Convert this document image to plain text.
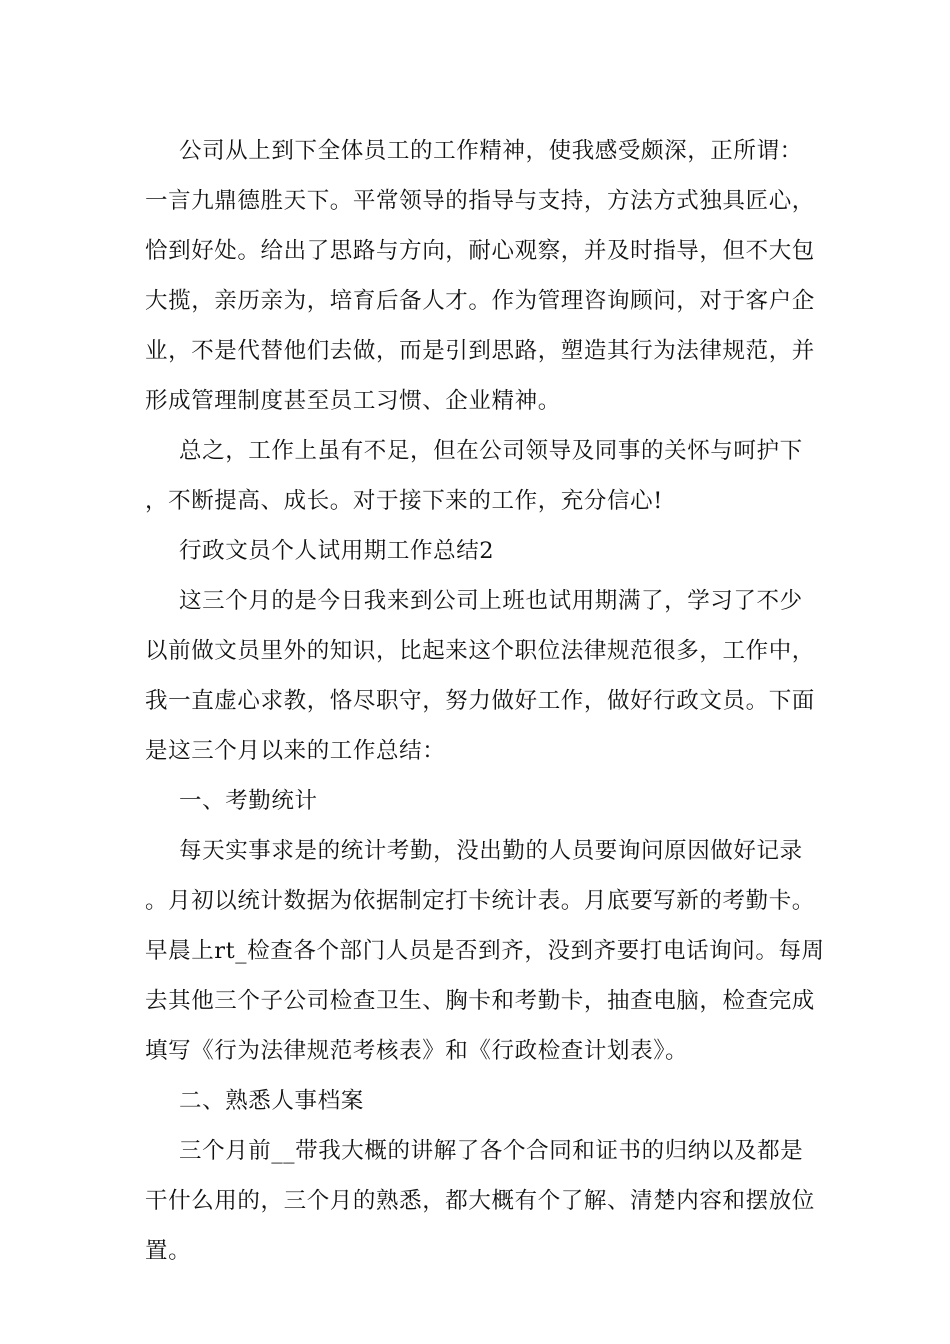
公司从上到下全体员工的工作精神，使我感受颇深，正所谓：一言九鼎德胜天下。平常领导的指导与支持，方法方式独具匠心，恰到好处。给出了思路与方向，耐心观察，并及时指导，但不大包大揽，亲历亲为，培育后备人才。作为管理咨询顾问，对于客户企业，不是代替他们去做，而是引到思路，塑造其行为法律规范，并形成管理制度甚至员工习惯、企业精神。

总之，工作上虽有不足，但在公司领导及同事的关怀与呵护下，不断提高、成长。对于接下来的工作，充分信心!

行政文员个人试用期工作总结2

这三个月的是今日我来到公司上班也试用期满了，学习了不少以前做文员里外的知识，比起来这个职位法律规范很多，工作中，我一直虚心求教，恪尽职守，努力做好工作，做好行政文员。下面是这三个月以来的工作总结：

一、考勤统计

每天实事求是的统计考勤，没出勤的人员要询问原因做好记录。月初以统计数据为依据制定打卡统计表。月底要写新的考勤卡。早晨上rt_检查各个部门人员是否到齐，没到齐要打电话询问。每周去其他三个子公司检查卫生、胸卡和考勤卡，抽查电脑，检查完成填写《行为法律规范考核表》和《行政检查计划表》。

二、熟悉人事档案

三个月前__带我大概的讲解了各个合同和证书的归纳以及都是干什么用的，三个月的熟悉，都大概有个了解、清楚内容和摆放位置。
